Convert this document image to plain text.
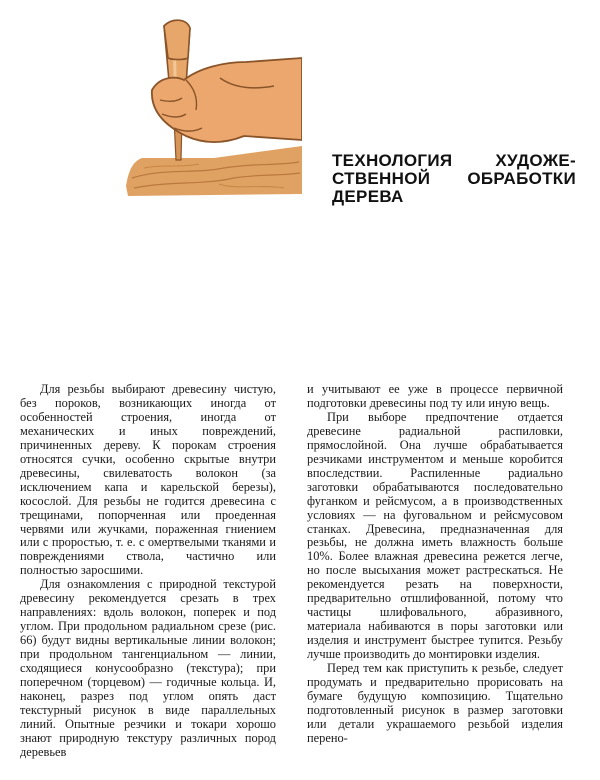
ТЕХНОЛОГИЯ	ХУДОЖЕ-
СТВЕННОЙ ОБРАБОТКИ
ДЕРЕВА

Для резьбы выбирают древесину чистую, без пороков, возникающих иногда от особенностей строения, иногда от механических и иных повреждений, причиненных дереву. К порокам строения относятся сучки, особенно скрытые внутри древесины, свилеватость волокон (за исключением капа и карельской березы), косослой. Для резьбы не годится древесина с трещинами, попорченная или проеденная червями или жучками, пораженная гниением или с проростью, т. е. с омертвелыми тканями и повреждениями ствола, частично или полностью заросшими.

Для ознакомления с природной текстурой древесину рекомендуется срезать в трех направлениях: вдоль волокон, поперек и под углом. При продольном радиальном срезе (рис. 66) будут видны вертикальные линии волокон; при продольном тангенциальном — линии, сходящиеся конусообразно (текстура); при поперечном (торцевом) — годичные кольца. И, наконец, разрез под углом опять даст текстурный рисунок в виде параллельных линий. Опытные резчики и токари хорошо знают природную текстуру различных пород деревьев

и учитывают ее уже в процессе первичной подготовки древесины под ту или иную вещь.

При выборе предпочтение отдается древесине радиальной распиловки, прямослойной. Она лучше обрабатывается резчиками инструментом и меньше коробится впоследствии. Распиленные радиально заготовки обрабатываются последовательно фуганком и рейсмусом, а в производственных условиях — на фуговальном и рейсмусовом станках. Древесина, предназначенная для резьбы, не должна иметь влажность больше 10%. Более влажная древесина режется легче, но после высыхания может растрескаться. Не рекомендуется резать на поверхности, предварительно отшлифованной, потому что частицы шлифовального, абразивного, материала набиваются в поры заготовки или изделия и инструмент быстрее тупится. Резьбу лучше производить до монтировки изделия.

Перед тем как приступить к резьбе, следует продумать и предварительно прорисовать на бумаге будущую композицию. Тщательно подготовленный рисунок в размер заготовки или детали украшаемого резьбой изделия перено-
